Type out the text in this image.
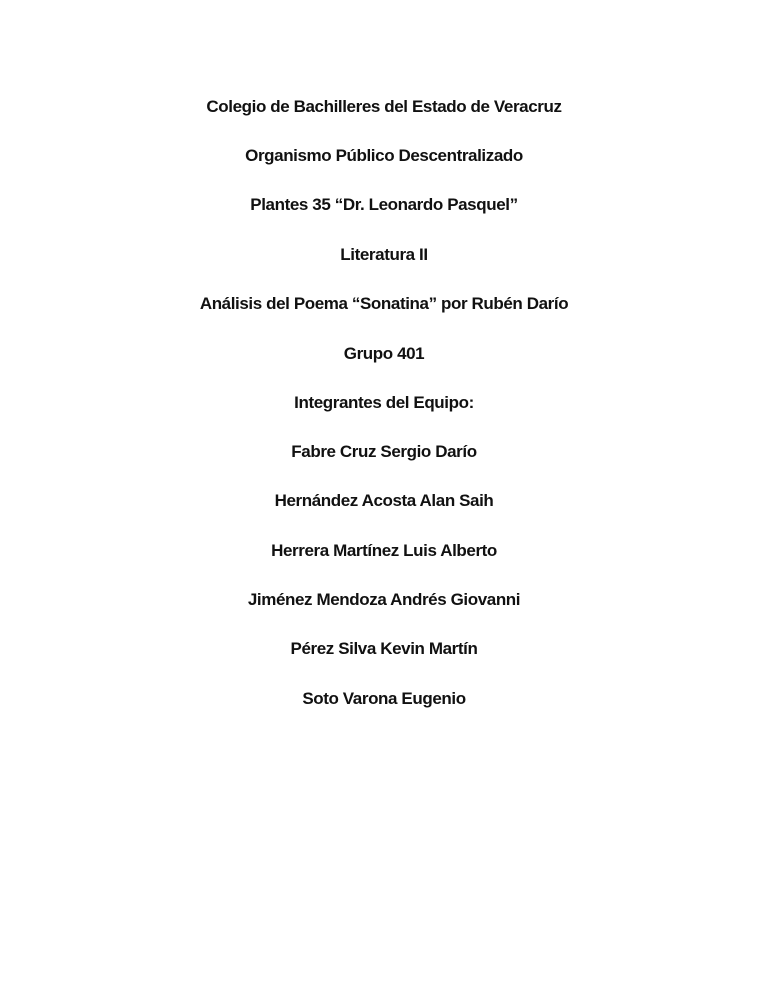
Colegio de Bachilleres del Estado de Veracruz

Organismo Público Descentralizado

Plantes 35 “Dr. Leonardo Pasquel”

Literatura II

Análisis del Poema “Sonatina” por Rubén Darío

Grupo 401

Integrantes del Equipo:

Fabre Cruz Sergio Darío

Hernández Acosta Alan Saih

Herrera Martínez Luis Alberto

Jiménez Mendoza Andrés Giovanni

Pérez Silva Kevin Martín

Soto Varona Eugenio
